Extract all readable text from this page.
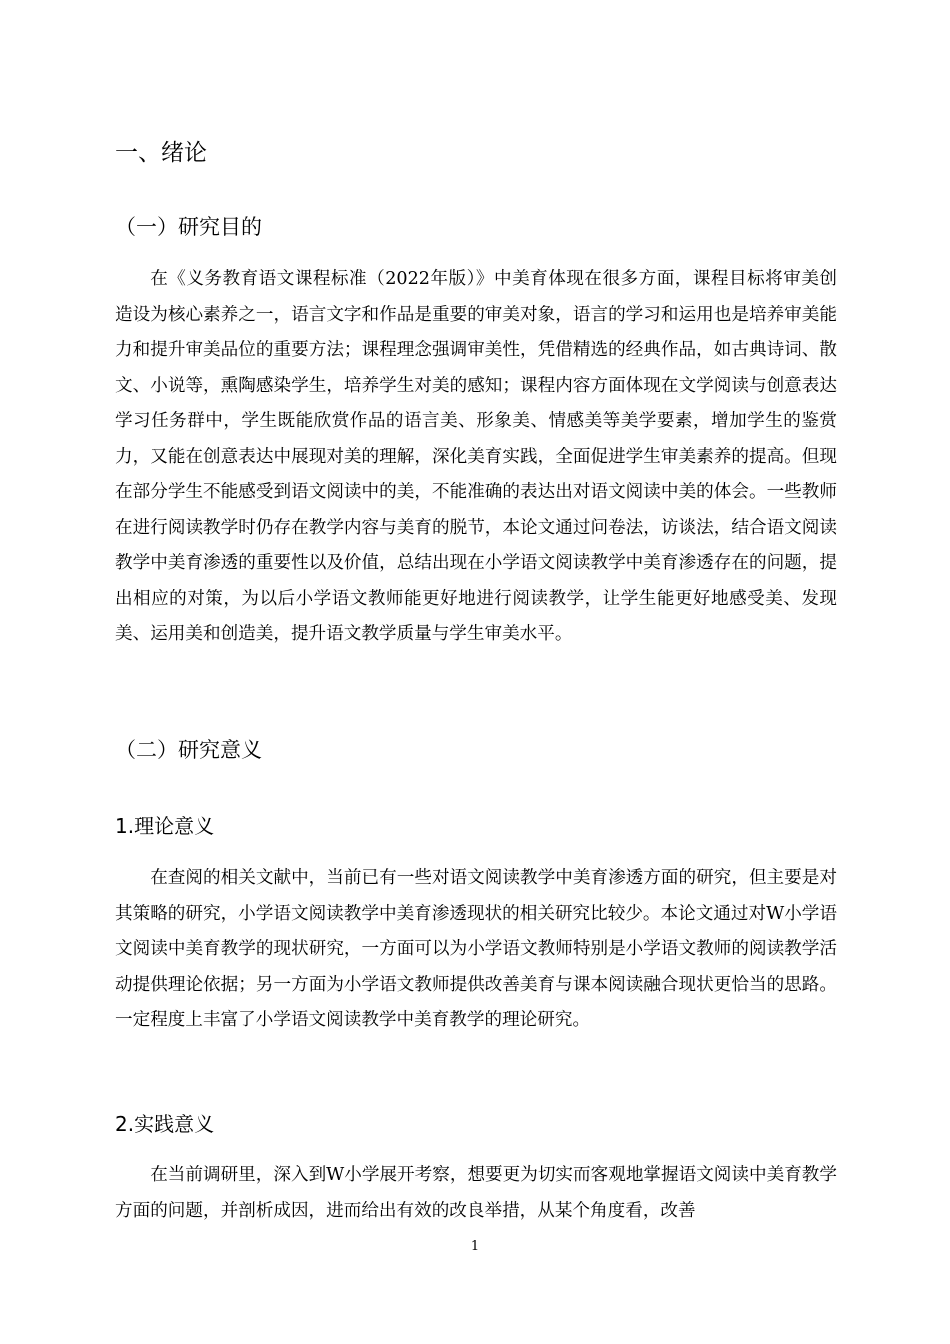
一、绪论
（一）研究目的
在《义务教育语文课程标准（2022年版）》中美育体现在很多方面，课程目标将审美创造设为核心素养之一，语言文字和作品是重要的审美对象，语言的学习和运用也是培养审美能力和提升审美品位的重要方法；课程理念强调审美性，凭借精选的经典作品，如古典诗词、散文、小说等，熏陶感染学生，培养学生对美的感知；课程内容方面体现在文学阅读与创意表达学习任务群中，学生既能欣赏作品的语言美、形象美、情感美等美学要素，增加学生的鉴赏力，又能在创意表达中展现对美的理解，深化美育实践，全面促进学生审美素养的提高。但现在部分学生不能感受到语文阅读中的美，不能准确的表达出对语文阅读中美的体会。一些教师在进行阅读教学时仍存在教学内容与美育的脱节，本论文通过问卷法，访谈法，结合语文阅读教学中美育渗透的重要性以及价值，总结出现在小学语文阅读教学中美育渗透存在的问题，提出相应的对策，为以后小学语文教师能更好地进行阅读教学，让学生能更好地感受美、发现美、运用美和创造美，提升语文教学质量与学生审美水平。
（二）研究意义
1.理论意义
在查阅的相关文献中，当前已有一些对语文阅读教学中美育渗透方面的研究，但主要是对其策略的研究，小学语文阅读教学中美育渗透现状的相关研究比较少。本论文通过对W小学语文阅读中美育教学的现状研究，一方面可以为小学语文教师特别是小学语文教师的阅读教学活动提供理论依据；另一方面为小学语文教师提供改善美育与课本阅读融合现状更恰当的思路。一定程度上丰富了小学语文阅读教学中美育教学的理论研究。
2.实践意义
在当前调研里，深入到W小学展开考察，想要更为切实而客观地掌握语文阅读中美育教学方面的问题，并剖析成因，进而给出有效的改良举措，从某个角度看，改善
1
